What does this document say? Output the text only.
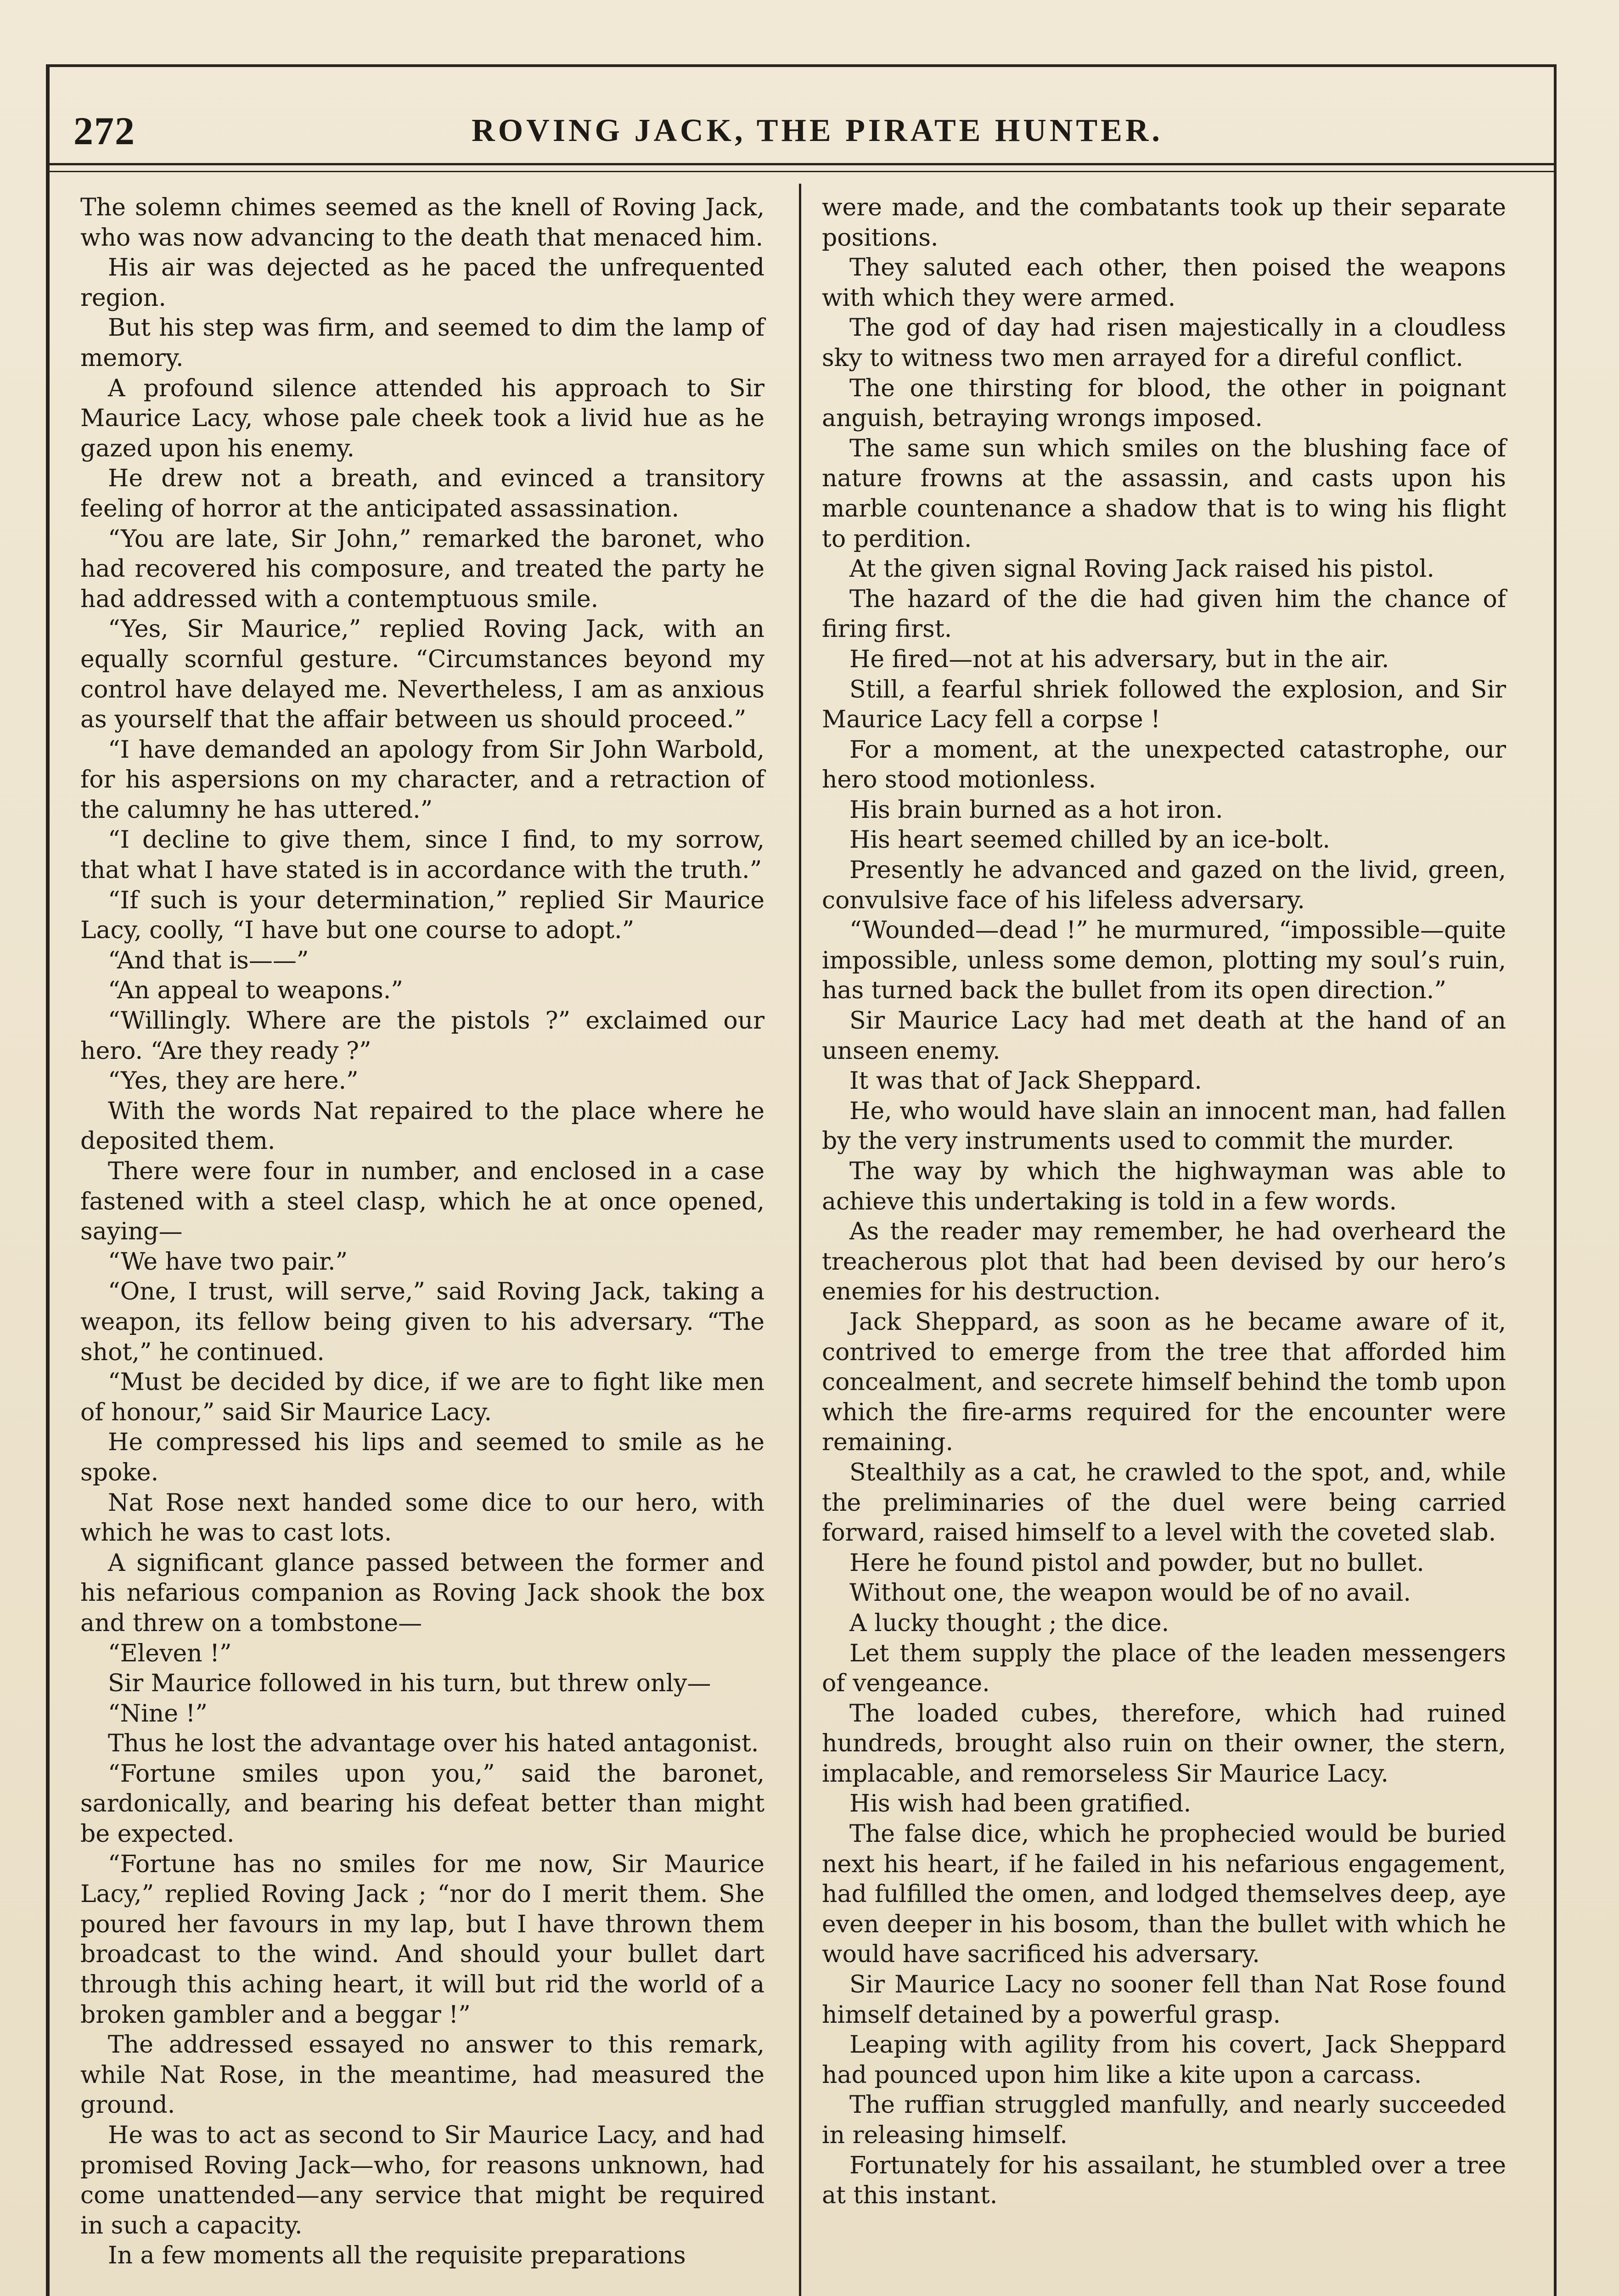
272	ROVING JACK, THE PIRATE HUNTER.

The solemn chimes seemed as the knell of Roving Jack, who was now advancing to the death that menaced him.

His air was dejected as he paced the unfrequented region.

But his step was firm, and seemed to dim the lamp of memory.

A profound silence attended his approach to Sir Maurice Lacy, whose pale cheek took a livid hue as he gazed upon his enemy.

He drew not a breath, and evinced a transitory feeling of horror at the anticipated assassination.

“You are late, Sir John,” remarked the baronet, who had recovered his composure, and treated the party he had addressed with a contemptuous smile.

“Yes, Sir Maurice,” replied Roving Jack, with an equally scornful gesture. “Circumstances beyond my control have delayed me. Nevertheless, I am as anxious as yourself that the affair between us should proceed.”

“I have demanded an apology from Sir John Warbold, for his aspersions on my character, and a retraction of the calumny he has uttered.”

“I decline to give them, since I find, to my sorrow, that what I have stated is in accordance with the truth.”

“If such is your determination,” replied Sir Maurice Lacy, coolly, “I have but one course to adopt.”

“And that is——”

“An appeal to weapons.”

“Willingly. Where are the pistols ?” exclaimed our hero. “Are they ready ?”

“Yes, they are here.”

With the words Nat repaired to the place where he deposited them.

There were four in number, and enclosed in a case fastened with a steel clasp, which he at once opened, saying—

“We have two pair.”

“One, I trust, will serve,” said Roving Jack, taking a weapon, its fellow being given to his adversary. “The shot,” he continued.

“Must be decided by dice, if we are to fight like men of honour,” said Sir Maurice Lacy.

He compressed his lips and seemed to smile as he spoke.

Nat Rose next handed some dice to our hero, with which he was to cast lots.

A significant glance passed between the former and his nefarious companion as Roving Jack shook the box and threw on a tombstone—

“Eleven !”

Sir Maurice followed in his turn, but threw only—

“Nine !”

Thus he lost the advantage over his hated antagonist.

“Fortune smiles upon you,” said the baronet, sardonically, and bearing his defeat better than might be expected.

“Fortune has no smiles for me now, Sir Maurice Lacy,” replied Roving Jack ; “nor do I merit them. She poured her favours in my lap, but I have thrown them broadcast to the wind. And should your bullet dart through this aching heart, it will but rid the world of a broken gambler and a beggar !”

The addressed essayed no answer to this remark, while Nat Rose, in the meantime, had measured the ground.

He was to act as second to Sir Maurice Lacy, and had promised Roving Jack—who, for reasons unknown, had come unattended—any service that might be required in such a capacity.

In a few moments all the requisite preparations

were made, and the combatants took up their separate positions.

They saluted each other, then poised the weapons with which they were armed.

The god of day had risen majestically in a cloudless sky to witness two men arrayed for a direful conflict.

The one thirsting for blood, the other in poignant anguish, betraying wrongs imposed.

The same sun which smiles on the blushing face of nature frowns at the assassin, and casts upon his marble countenance a shadow that is to wing his flight to perdition.

At the given signal Roving Jack raised his pistol.

The hazard of the die had given him the chance of firing first.

He fired—not at his adversary, but in the air.

Still, a fearful shriek followed the explosion, and Sir Maurice Lacy fell a corpse !

For a moment, at the unexpected catastrophe, our hero stood motionless.

His brain burned as a hot iron.

His heart seemed chilled by an ice-bolt.

Presently he advanced and gazed on the livid, green, convulsive face of his lifeless adversary.

“Wounded—dead !” he murmured, “impossible—quite impossible, unless some demon, plotting my soul’s ruin, has turned back the bullet from its open direction.”

Sir Maurice Lacy had met death at the hand of an unseen enemy.

It was that of Jack Sheppard.

He, who would have slain an innocent man, had fallen by the very instruments used to commit the murder.

The way by which the highwayman was able to achieve this undertaking is told in a few words.

As the reader may remember, he had overheard the treacherous plot that had been devised by our hero’s enemies for his destruction.

Jack Sheppard, as soon as he became aware of it, contrived to emerge from the tree that afforded him concealment, and secrete himself behind the tomb upon which the fire-arms required for the encounter were remaining.

Stealthily as a cat, he crawled to the spot, and, while the preliminaries of the duel were being carried forward, raised himself to a level with the coveted slab.

Here he found pistol and powder, but no bullet.

Without one, the weapon would be of no avail.

A lucky thought ; the dice.

Let them supply the place of the leaden messengers of vengeance.

The loaded cubes, therefore, which had ruined hundreds, brought also ruin on their owner, the stern, implacable, and remorseless Sir Maurice Lacy.

His wish had been gratified.

The false dice, which he prophecied would be buried next his heart, if he failed in his nefarious engagement, had fulfilled the omen, and lodged themselves deep, aye even deeper in his bosom, than the bullet with which he would have sacrificed his adversary.

Sir Maurice Lacy no sooner fell than Nat Rose found himself detained by a powerful grasp.

Leaping with agility from his covert, Jack Sheppard had pounced upon him like a kite upon a carcass.

The ruffian struggled manfully, and nearly succeeded in releasing himself.

Fortunately for his assailant, he stumbled over a tree at this instant.
